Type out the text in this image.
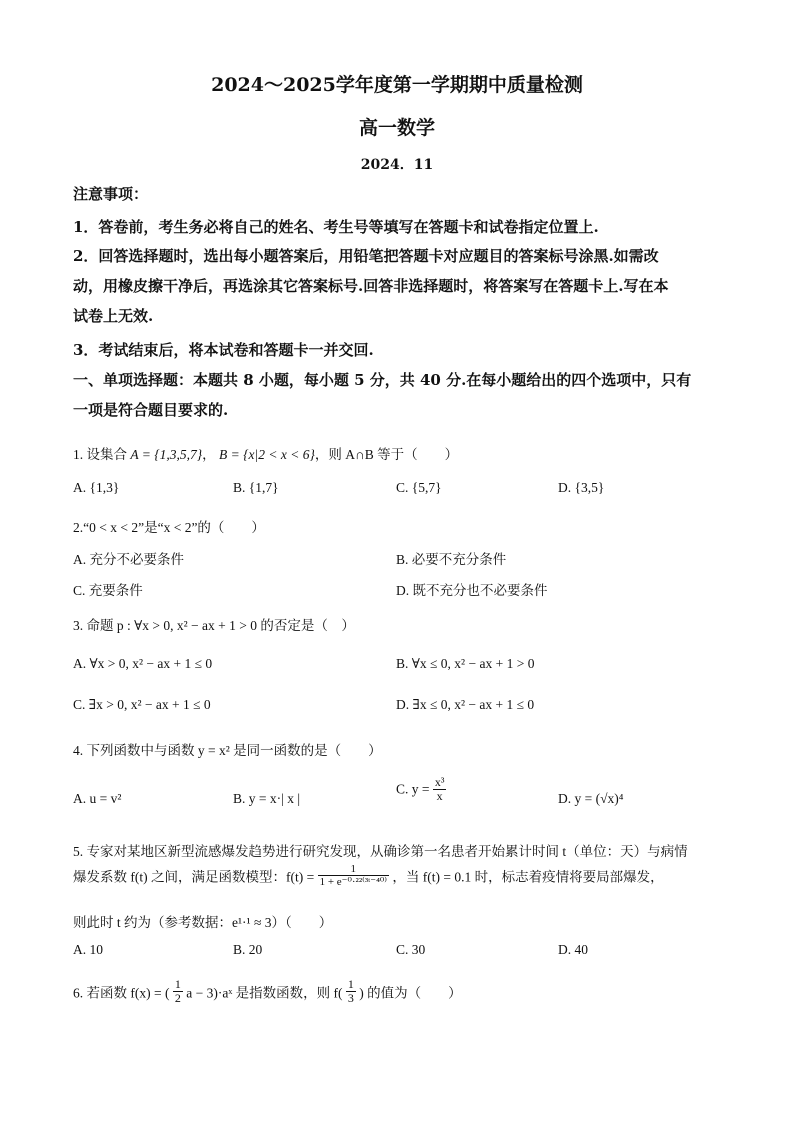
2024～2025学年度第一学期期中质量检测
高一数学
2024．11
注意事项：
1．答卷前，考生务必将自己的姓名、考生号等填写在答题卡和试卷指定位置上.
2．回答选择题时，选出每小题答案后，用铅笔把答题卡对应题目的答案标号涂黑.如需改
动，用橡皮擦干净后，再选涂其它答案标号.回答非选择题时，将答案写在答题卡上.写在本
试卷上无效.
3．考试结束后，将本试卷和答题卡一并交回.
一、单项选择题：本题共 8 小题，每小题 5 分，共 40 分.在每小题给出的四个选项中，只有
一项是符合题目要求的.
1. 设集合 A = {1,3,5,7}， B = {x|2 < x < 6}，则 A∩B 等于（　　）
A. {1,3}	B. {1,7}	C. {5,7}	D. {3,5}
2.“0 < x < 2”是“x < 2”的（　　）
A. 充分不必要条件	B. 必要不充分条件
C. 充要条件	D. 既不充分也不必要条件
3. 命题 p : ∀x > 0, x² − ax + 1 > 0 的否定是（　）
A. ∀x > 0, x² − ax + 1 ≤ 0	B. ∀x ≤ 0, x² − ax + 1 > 0
C. ∃x > 0, x² − ax + 1 ≤ 0	D. ∃x ≤ 0, x² − ax + 1 ≤ 0
4. 下列函数中与函数 y = x² 是同一函数的是（　　）
A. u = v²	B. y = x·| x |
C. $y = \frac{\text{x³}}{x}$	D. y = (√x)⁴
5. 专家对某地区新型流感爆发趋势进行研究发现，从确诊第一名患者开始累计时间 t（单位：天）与病情
爆发系数 f(t) 之间，满足函数模型：$f(t) = \frac{1}{\text{1 + e⁻⁰·²²⁽³ᵗ⁻⁴⁰⁾}}$ ，当 f(t) = 0.1 时，标志着疫情将要局部爆发，
则此时 t 约为（参考数据：e¹·¹ ≈ 3）（　　）
A. 10	B. 20	C. 30	D. 40
6. 若函数 f(x) = ( $\frac{1}{2}$ a − 3)·aˣ 是指数函数，则 $f( \frac{1}{3}$ ) 的值为（　　）
